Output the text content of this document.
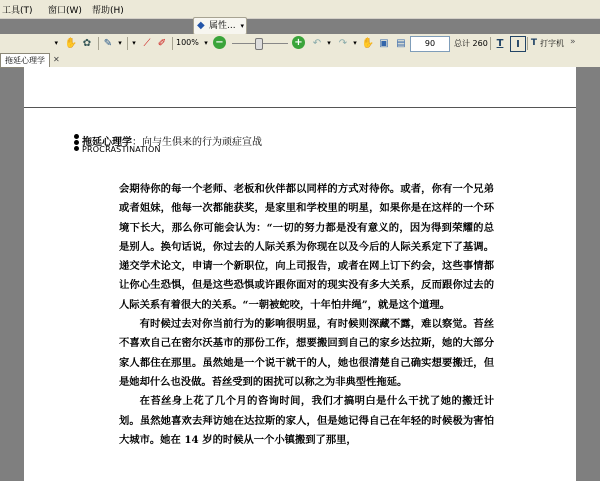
工具(T) 窗口(W) 帮助(H)
◆ 属性... ▾
▾ ✋ ✿ ✎ ▾	▾ ⟋ ✐	100% ▾ −	+ ↶ ▾ ↷ ▾ ✋ ▣ ▤	90	总计 260 T	I	T 打字机 »
拖延心理学	✕
拖延心理学：向与生俱来的行为顽症宣战
PROCRASTINATION

会期待你的每一个老师、老板和伙伴都以同样的方式对待你。或者，你有一个兄弟或者姐妹，他每一次都能获奖，是家里和学校里的明星，如果你是在这样的一个环境下长大，那么你可能会认为：“一切的努力都是没有意义的，因为得到荣耀的总是别人。换句话说，你过去的人际关系为你现在以及今后的人际关系定下了基调。递交学术论文，申请一个新职位，向上司报告，或者在网上订下约会，这些事情都让你心生恐惧，但是这些恐惧或许跟你面对的现实没有多大关系，反而跟你过去的人际关系有着很大的关系。“一朝被蛇咬，十年怕井绳”，就是这个道理。

有时候过去对你当前行为的影响很明显，有时候则深藏不露，难以察觉。苔丝不喜欢自己在密尔沃基市的那份工作，想要搬回到自己的家乡达拉斯，她的大部分家人都住在那里。虽然她是一个说干就干的人，她也很清楚自己确实想要搬迁，但是她却什么也没做。苔丝受到的困扰可以称之为非典型性拖延。

在苔丝身上花了几个月的咨询时间，我们才搞明白是什么干扰了她的搬迁计划。虽然她喜欢去拜访她在达拉斯的家人，但是她记得自己在年轻的时候极为害怕大城市。她在 14 岁的时候从一个小镇搬到了那里，
